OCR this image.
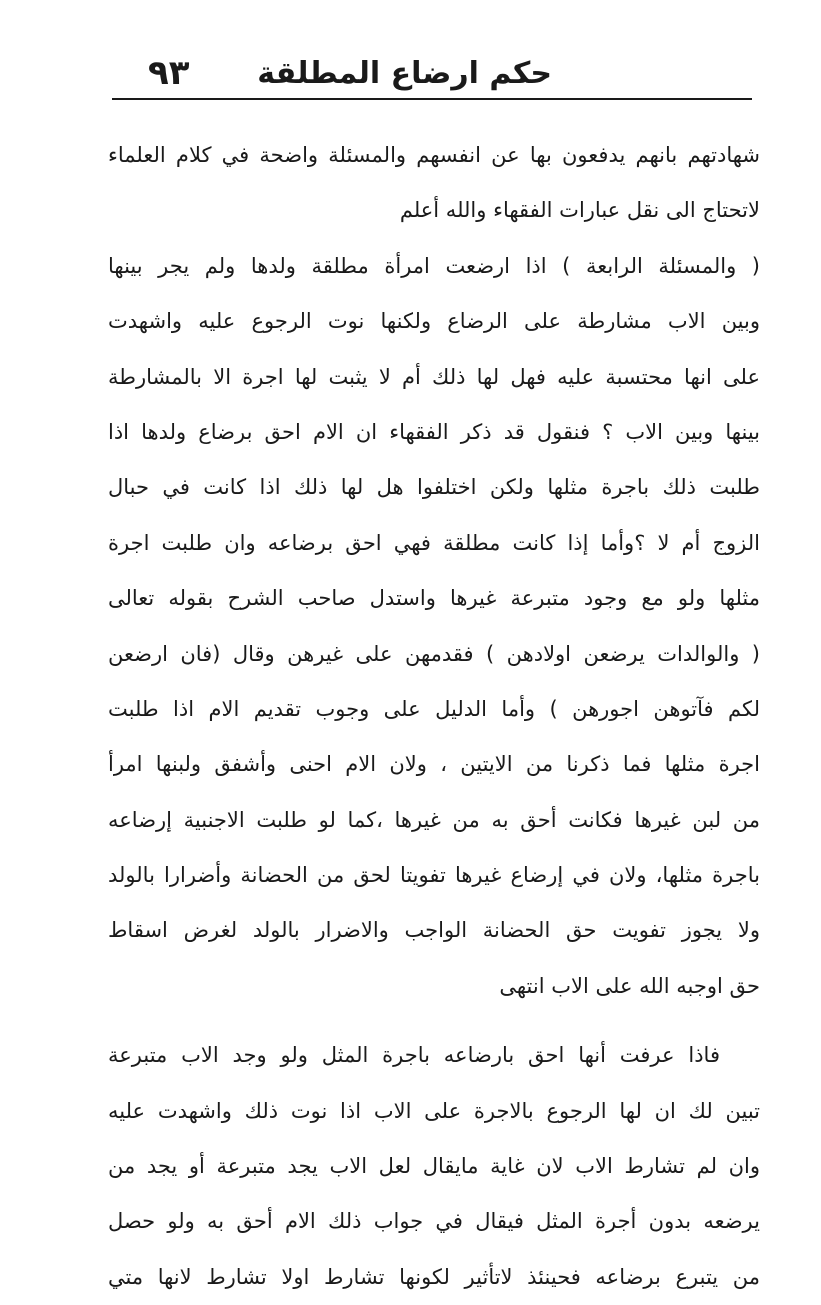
حكم ارضاع المطلقة
٩٣
شهادتهم بانهم يدفعون بها عن انفسهم والمسئلة واضحة في كلام العلماء
لاتحتاج الى نقل عبارات الفقهاء والله أعلم
( والمسئلة الرابعة ) اذا ارضعت امرأة مطلقة ولدها ولم يجر بينها
وبين الاب مشارطة على الرضاع ولكنها نوت الرجوع عليه واشهدت
على انها محتسبة عليه فهل لها ذلك أم لا يثبت لها اجرة الا بالمشارطة
بينها وبين الاب ؟ فنقول قد ذكر الفقهاء ان الام احق برضاع ولدها اذا
طلبت ذلك باجرة مثلها ولكن اختلفوا هل لها ذلك اذا كانت في حبال
الزوج أم لا ؟وأما إذا كانت مطلقة فهي احق برضاعه وان طلبت اجرة
مثلها ولو مع وجود متبرعة غيرها واستدل صاحب الشرح بقوله تعالى
( والوالدات يرضعن اولادهن ) فقدمهن على غيرهن وقال (فان ارضعن
لكم فآتوهن اجورهن ) وأما الدليل على وجوب تقديم الام اذا طلبت
اجرة مثلها فما ذكرنا من الايتين ، ولان الام احنى وأشفق ولبنها امرأ
من لبن غيرها فكانت أحق به من غيرها ،كما لو طلبت الاجنبية إرضاعه
باجرة مثلها، ولان في إرضاع غيرها تفويتا لحق من الحضانة وأضرارا بالولد
ولا يجوز تفويت حق الحضانة الواجب والاضرار بالولد لغرض اسقاط
حق اوجبه الله على الاب انتهى
فاذا عرفت أنها احق بارضاعه باجرة المثل ولو وجد الاب متبرعة
تبين لك ان لها الرجوع بالاجرة على الاب اذا نوت ذلك واشهدت عليه
وان لم تشارط الاب لان غاية مايقال لعل الاب يجد متبرعة أو يجد من
يرضعه بدون أجرة المثل فيقال في جواب ذلك الام أحق به ولو حصل
من يتبرع برضاعه فحينئذ لاتأثير لكونها تشارط اولا تشارط لانها متي
